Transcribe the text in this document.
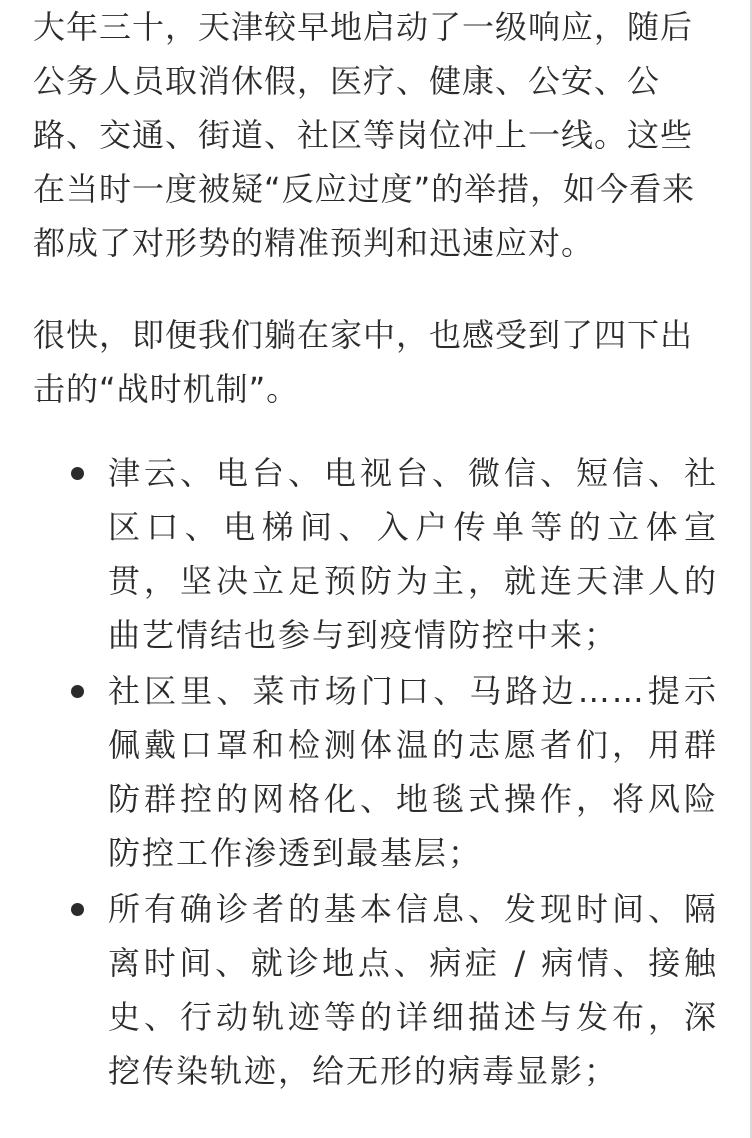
大年三十，天津较早地启动了一级响应，随后公务人员取消休假，医疗、健康、公安、公路、交通、街道、社区等岗位冲上一线。这些在当时一度被疑“反应过度”的举措，如今看来都成了对形势的精准预判和迅速应对。

很快，即便我们躺在家中，也感受到了四下出击的“战时机制”。

津云、电台、电视台、微信、短信、社区口、电梯间、入户传单等的立体宣贯，坚决立足预防为主，就连天津人的曲艺情结也参与到疫情防控中来；
社区里、菜市场门口、马路边……提示佩戴口罩和检测体温的志愿者们，用群防群控的网格化、地毯式操作，将风险防控工作渗透到最基层；
所有确诊者的基本信息、发现时间、隔离时间、就诊地点、病症 / 病情、接触史、行动轨迹等的详细描述与发布，深挖传染轨迹，给无形的病毒显影；
